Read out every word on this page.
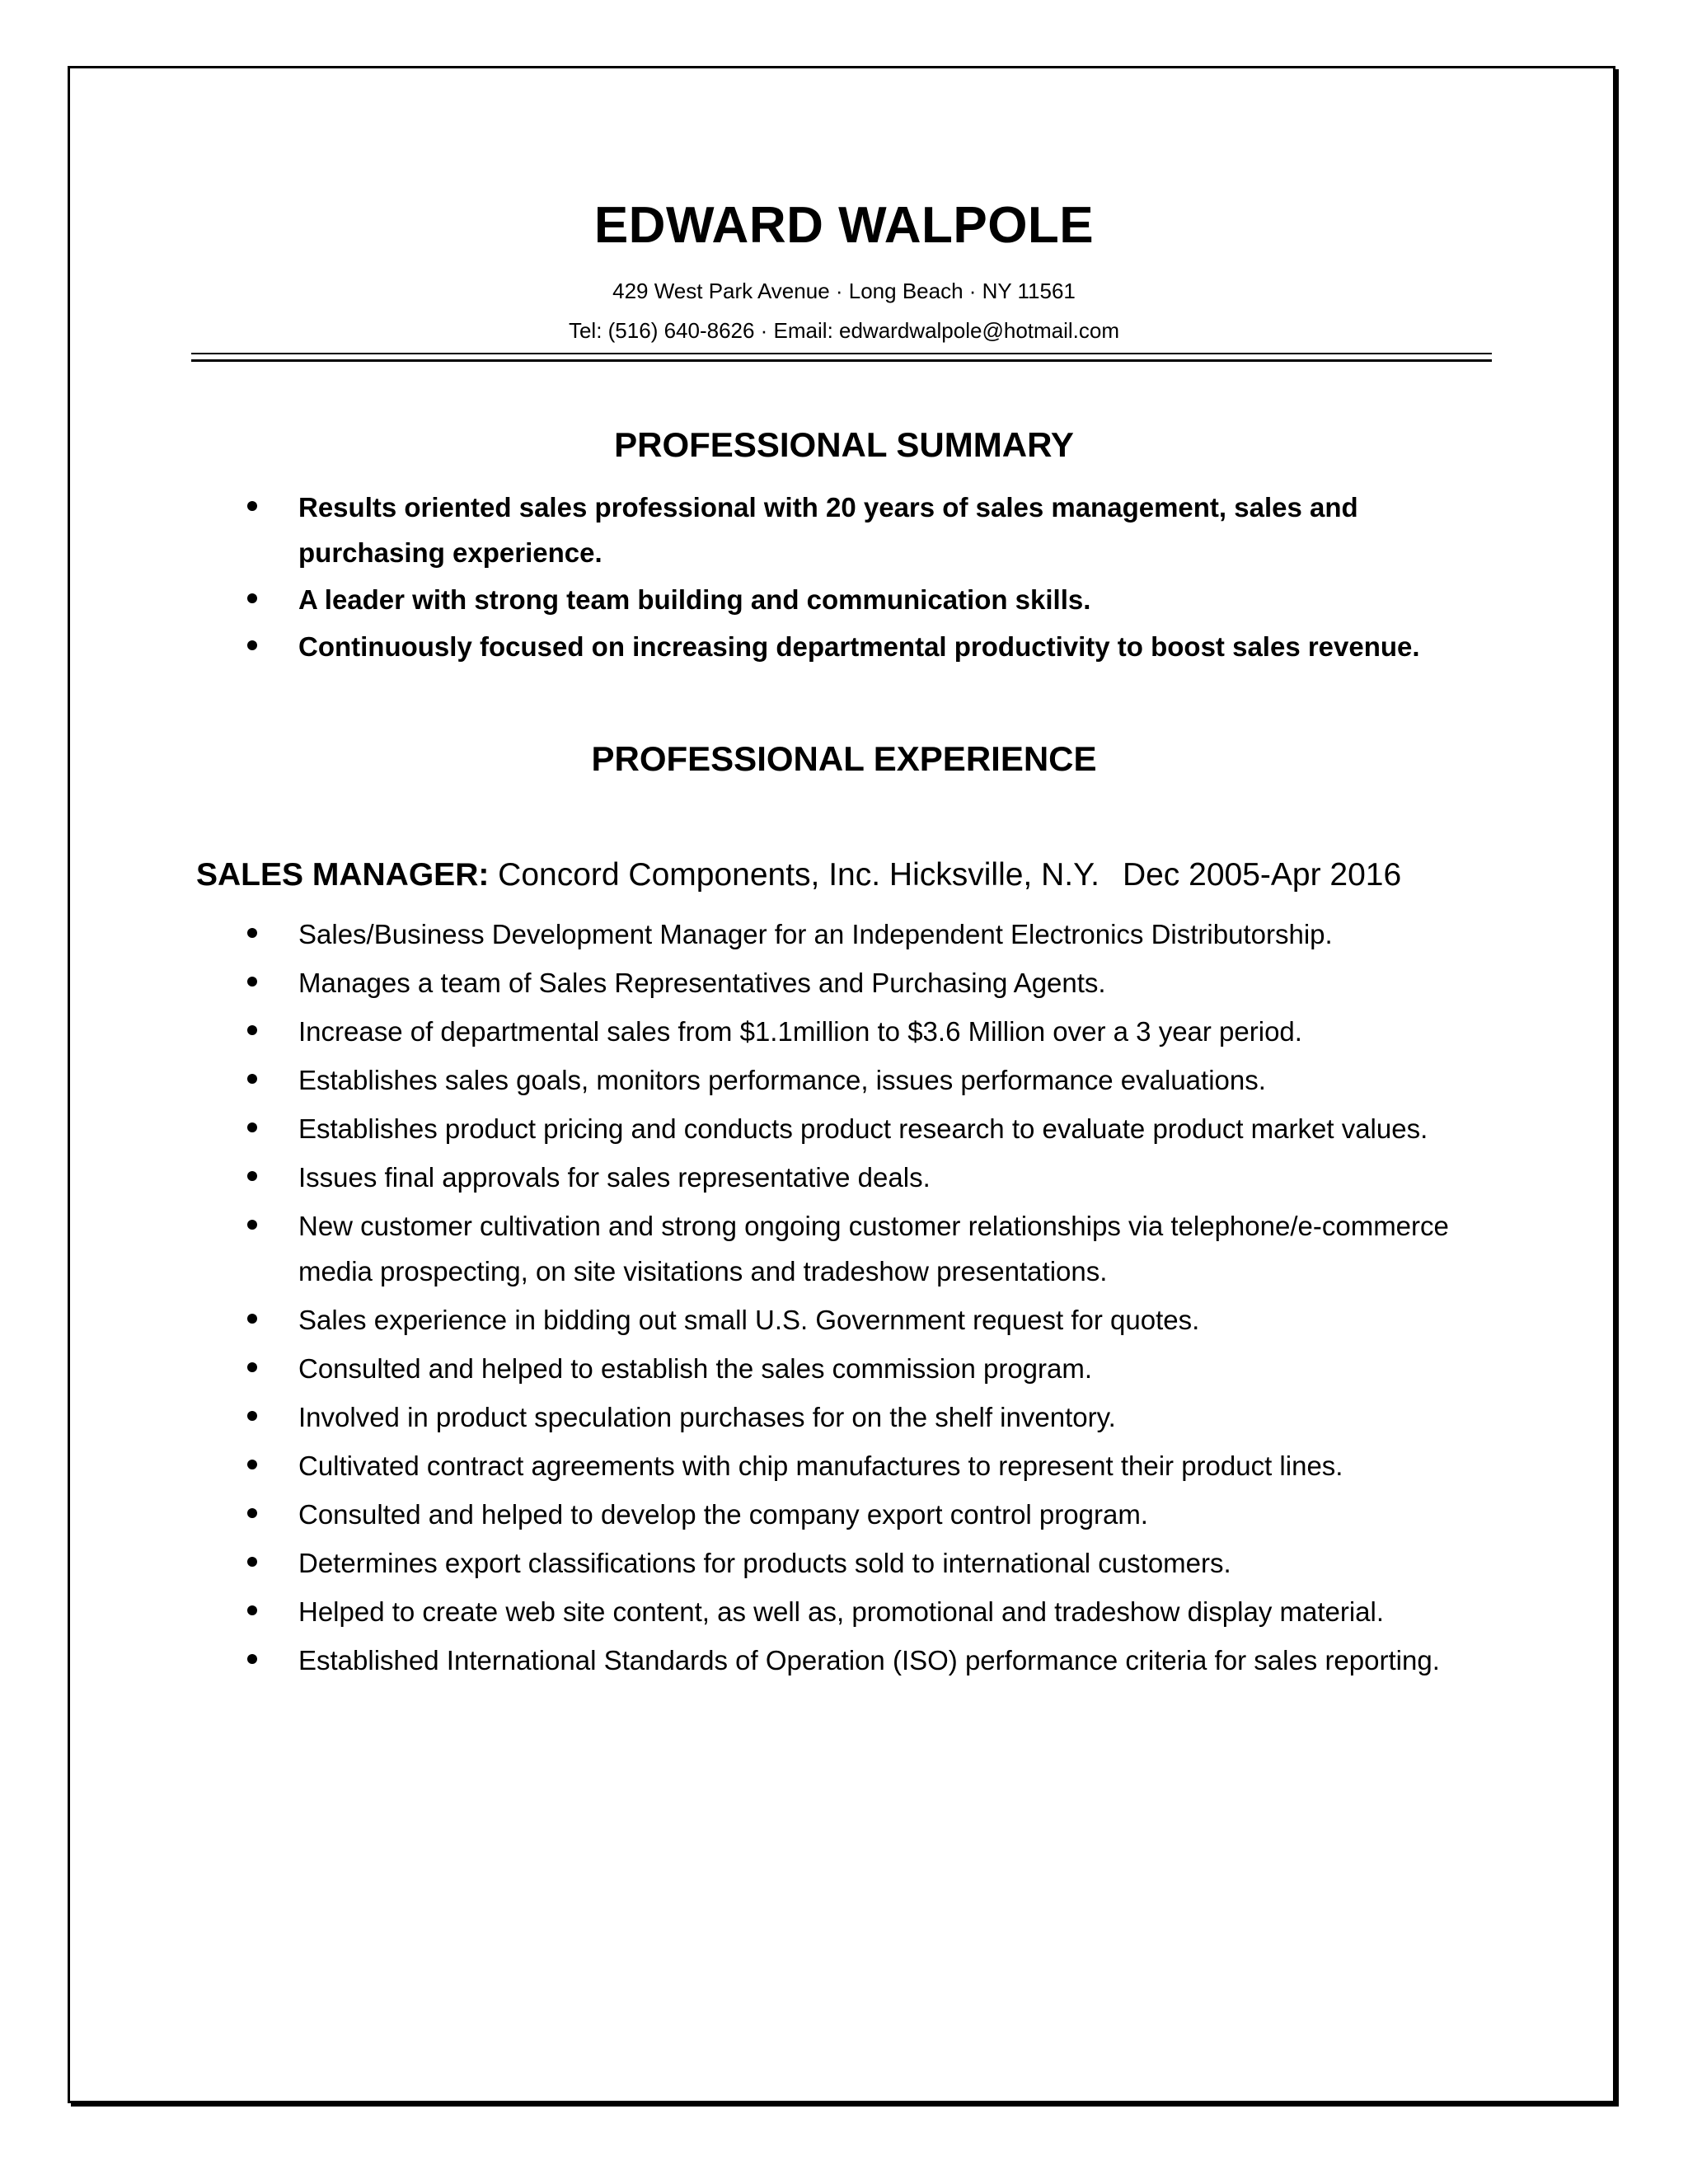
EDWARD WALPOLE
429 West Park Avenue · Long Beach · NY 11561
Tel: (516) 640-8626 · Email: edwardwalpole@hotmail.com
PROFESSIONAL SUMMARY
Results oriented sales professional with 20 years of sales management, sales and purchasing experience.
A leader with strong team building and communication skills.
Continuously focused on increasing departmental productivity to boost sales revenue.
PROFESSIONAL EXPERIENCE
SALES MANAGER: Concord Components, Inc. Hicksville, N.Y. Dec 2005-Apr 2016
Sales/Business Development Manager for an Independent Electronics Distributorship.
Manages a team of Sales Representatives and Purchasing Agents.
Increase of departmental sales from $1.1million to $3.6 Million over a 3 year period.
Establishes sales goals, monitors performance, issues performance evaluations.
Establishes product pricing and conducts product research to evaluate product market values.
Issues final approvals for sales representative deals.
New customer cultivation and strong ongoing customer relationships via telephone/e-commerce media prospecting, on site visitations and tradeshow presentations.
Sales experience in bidding out small U.S. Government request for quotes.
Consulted and helped to establish the sales commission program.
Involved in product speculation purchases for on the shelf inventory.
Cultivated contract agreements with chip manufactures to represent their product lines.
Consulted and helped to develop the company export control program.
Determines export classifications for products sold to international customers.
Helped to create web site content, as well as, promotional and tradeshow display material.
Established International Standards of Operation (ISO) performance criteria for sales reporting.
